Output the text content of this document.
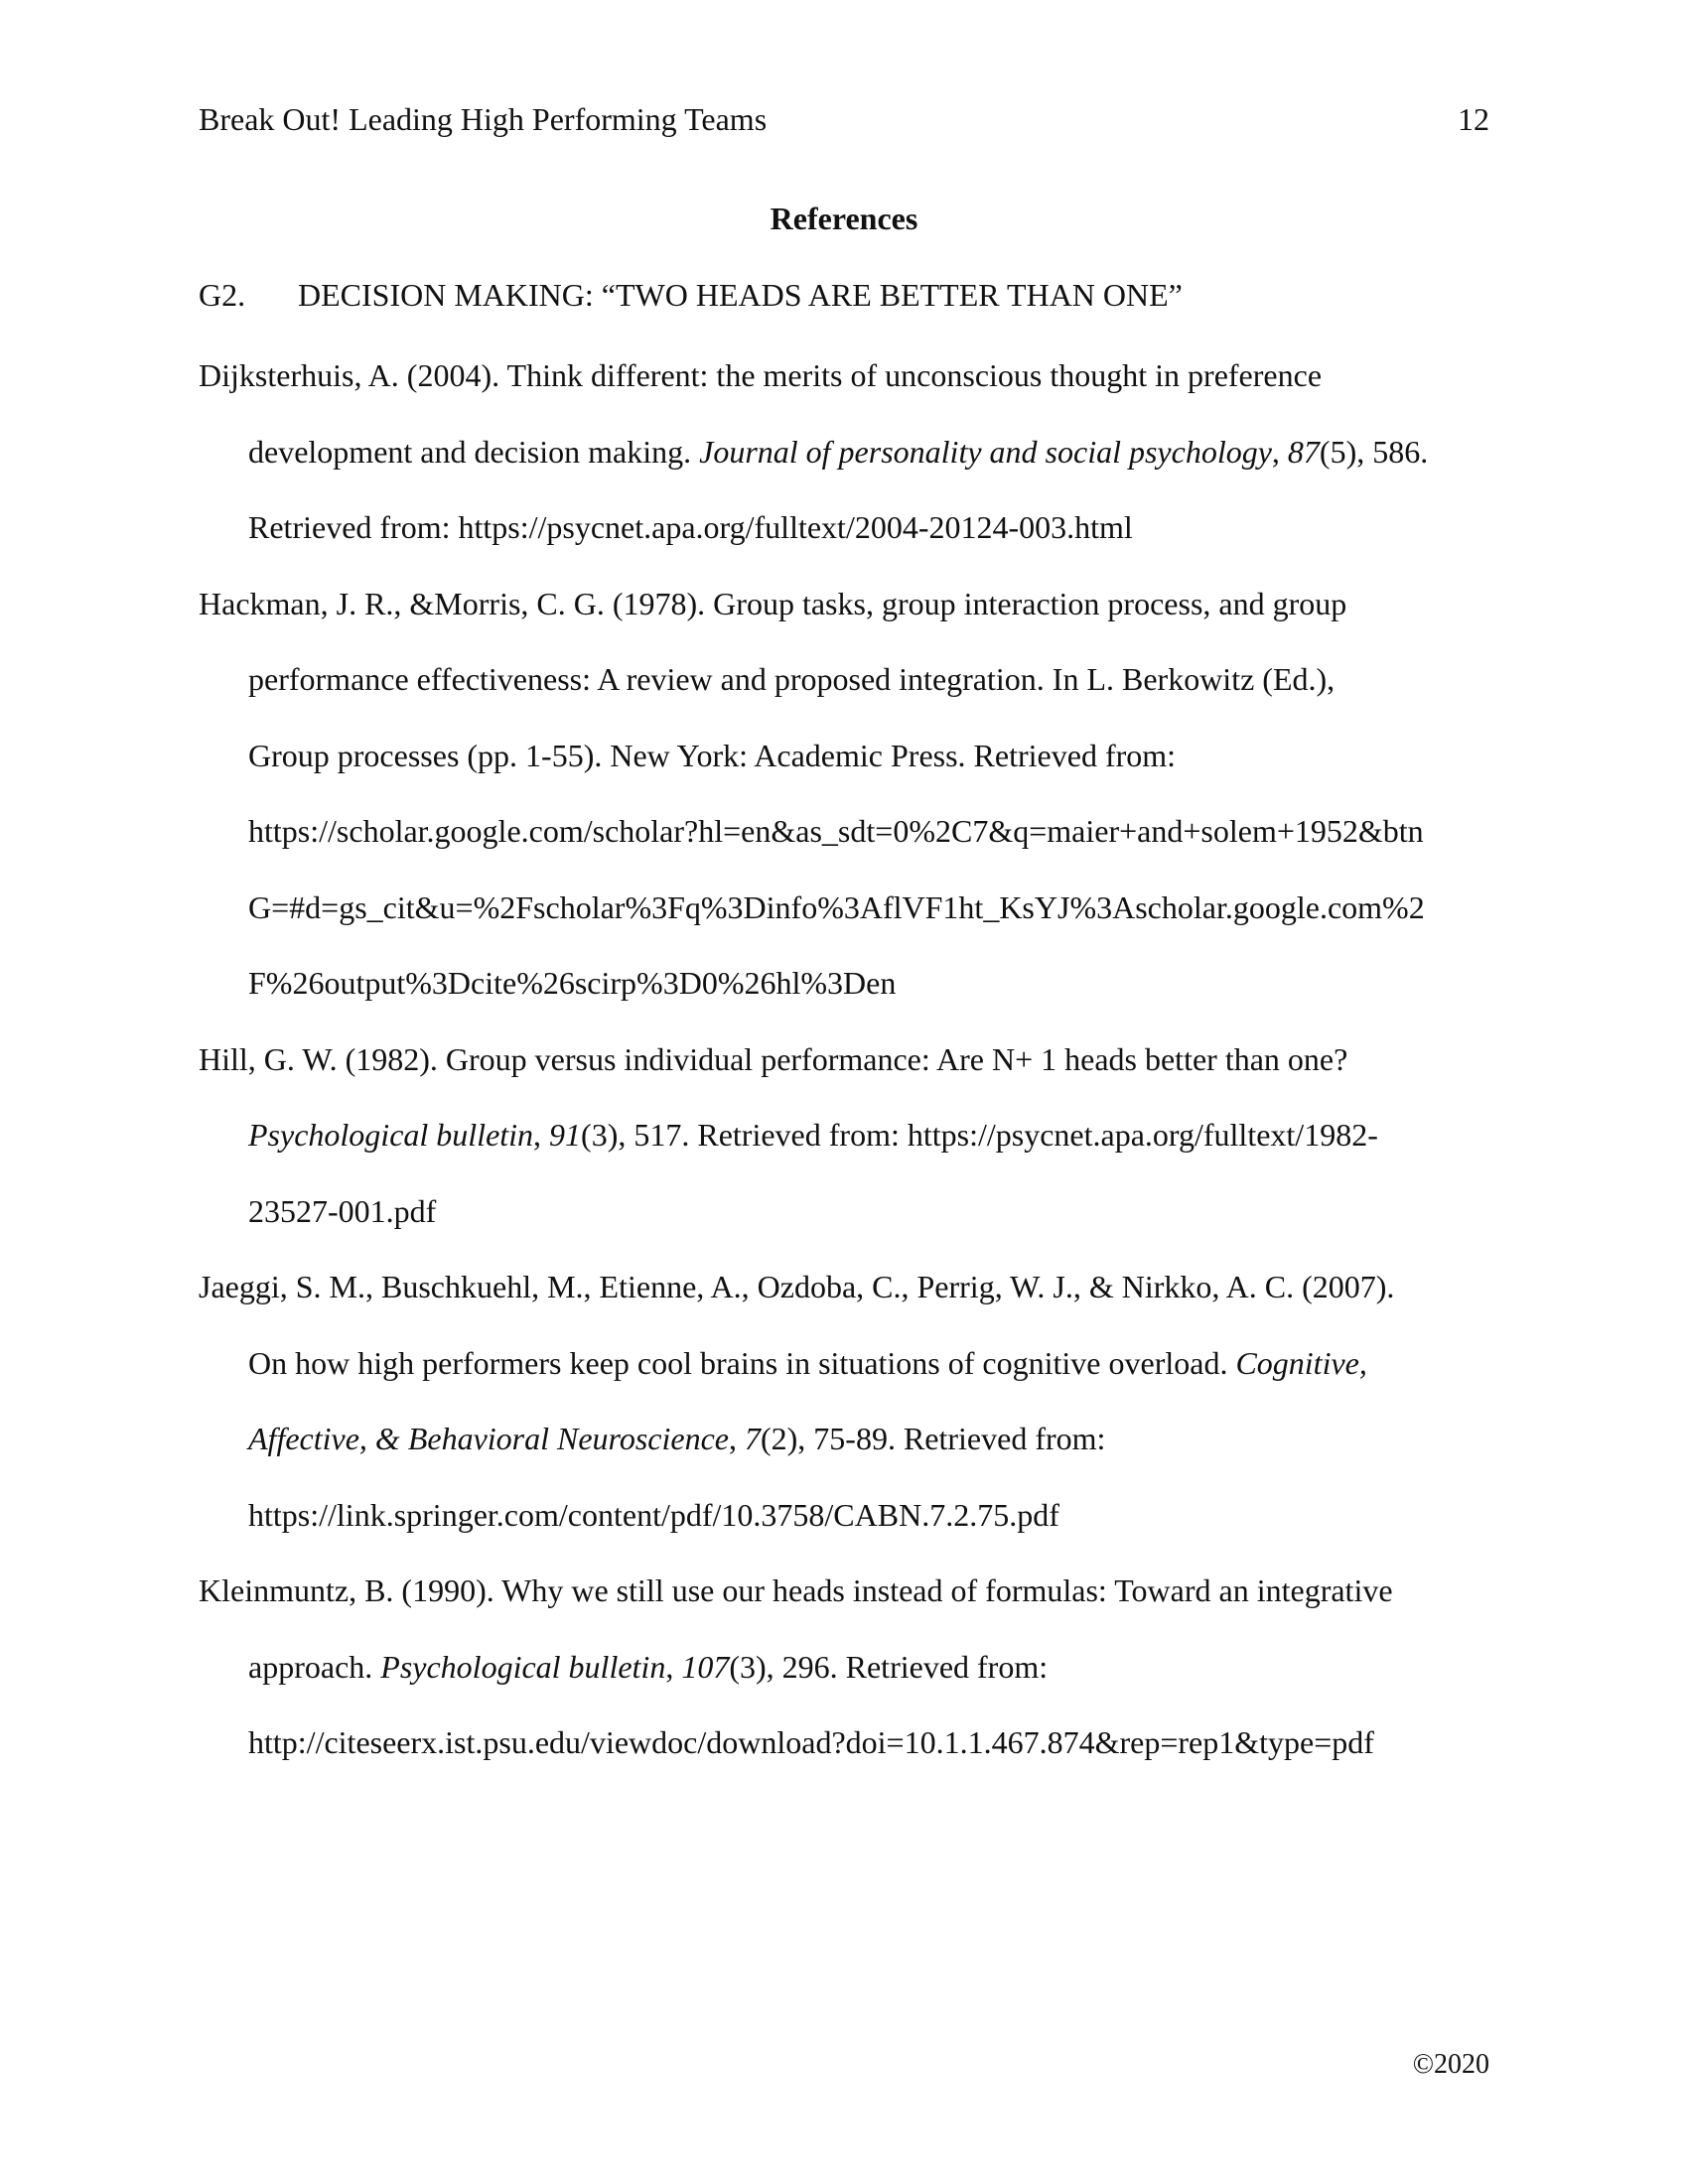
Break Out! Leading High Performing Teams	12
References
G2. DECISION MAKING: “TWO HEADS ARE BETTER THAN ONE”
Dijksterhuis, A. (2004). Think different: the merits of unconscious thought in preference
development and decision making. Journal of personality and social psychology, 87(5), 586.
Retrieved from: https://psycnet.apa.org/fulltext/2004-20124-003.html
Hackman, J. R., &Morris, C. G. (1978). Group tasks, group interaction process, and group
performance effectiveness: A review and proposed integration. In L. Berkowitz (Ed.),
Group processes (pp. 1-55). New York: Academic Press. Retrieved from:
https://scholar.google.com/scholar?hl=en&as_sdt=0%2C7&q=maier+and+solem+1952&btn
G=#d=gs_cit&u=%2Fscholar%3Fq%3Dinfo%3AflVF1ht_KsYJ%3Ascholar.google.com%2
F%26output%3Dcite%26scirp%3D0%26hl%3Den
Hill, G. W. (1982). Group versus individual performance: Are N+ 1 heads better than one?
Psychological bulletin, 91(3), 517. Retrieved from: https://psycnet.apa.org/fulltext/1982-
23527-001.pdf
Jaeggi, S. M., Buschkuehl, M., Etienne, A., Ozdoba, C., Perrig, W. J., & Nirkko, A. C. (2007).
On how high performers keep cool brains in situations of cognitive overload. Cognitive,
Affective, & Behavioral Neuroscience, 7(2), 75-89. Retrieved from:
https://link.springer.com/content/pdf/10.3758/CABN.7.2.75.pdf
Kleinmuntz, B. (1990). Why we still use our heads instead of formulas: Toward an integrative
approach. Psychological bulletin, 107(3), 296. Retrieved from:
http://citeseerx.ist.psu.edu/viewdoc/download?doi=10.1.1.467.874&rep=rep1&type=pdf
©2020
